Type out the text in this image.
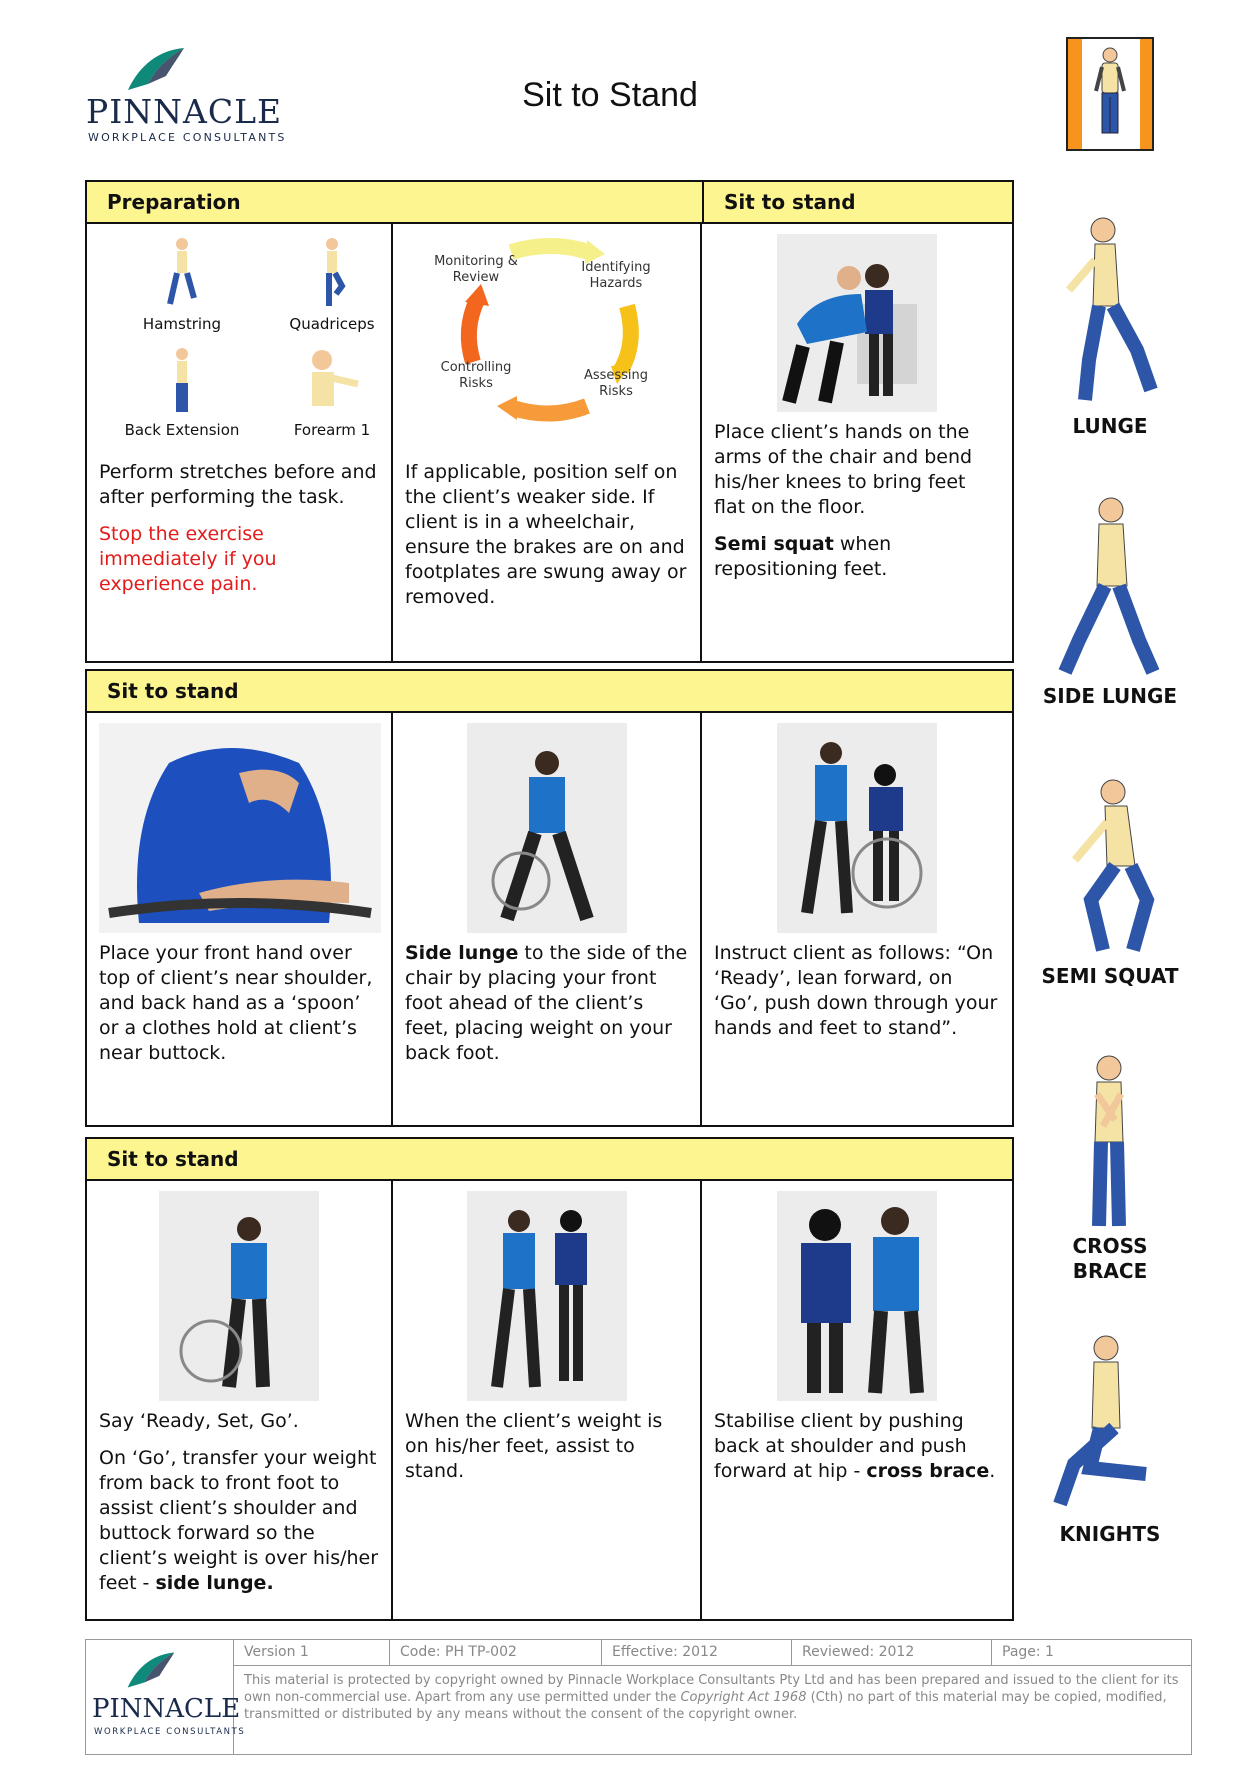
PINNACLE
WORKPLACE CONSULTANTS
Sit to Stand
Preparation	Sit to stand
Hamstring	Quadriceps
Back Extension	Forearm 1

Perform stretches before and after performing the task.

Stop the exercise immediately if you experience pain.

Monitoring & Review
Identifying Hazards
Assessing Risks
Controlling Risks

If applicable, position self on the client’s weaker side. If client is in a wheelchair, ensure the brakes are on and footplates are swung away or removed.

Place client’s hands on the arms of the chair and bend his/her knees to bring feet flat on the floor.

Semi squat when repositioning feet.

Sit to stand

Place your front hand over top of client’s near shoulder, and back hand as a ‘spoon’ or a clothes hold at client’s near buttock.

Side lunge to the side of the chair by placing your front foot ahead of the client’s feet, placing weight on your back foot.

Instruct client as follows: “On ‘Ready’, lean forward, on ‘Go’, push down through your hands and feet to stand”.

Sit to stand

Say ‘Ready, Set, Go’.

On ‘Go’, transfer your weight from back to front foot to assist client’s shoulder and buttock forward so the client’s weight is over his/her feet - side lunge.

When the client’s weight is on his/her feet, assist to stand.

Stabilise client by pushing back at shoulder and push forward at hip - cross brace.

LUNGE
SIDE LUNGE
SEMI SQUAT
CROSS BRACE
KNIGHTS
PINNACLE
WORKPLACE CONSULTANTS
Version 1	Code: PH TP-002	Effective: 2012	Reviewed: 2012	Page: 1
This material is protected by copyright owned by Pinnacle Workplace Consultants Pty Ltd and has been prepared and issued to the client for its own non-commercial use. Apart from any use permitted under the Copyright Act 1968 (Cth) no part of this material may be copied, modified, transmitted or distributed by any means without the consent of the copyright owner.
